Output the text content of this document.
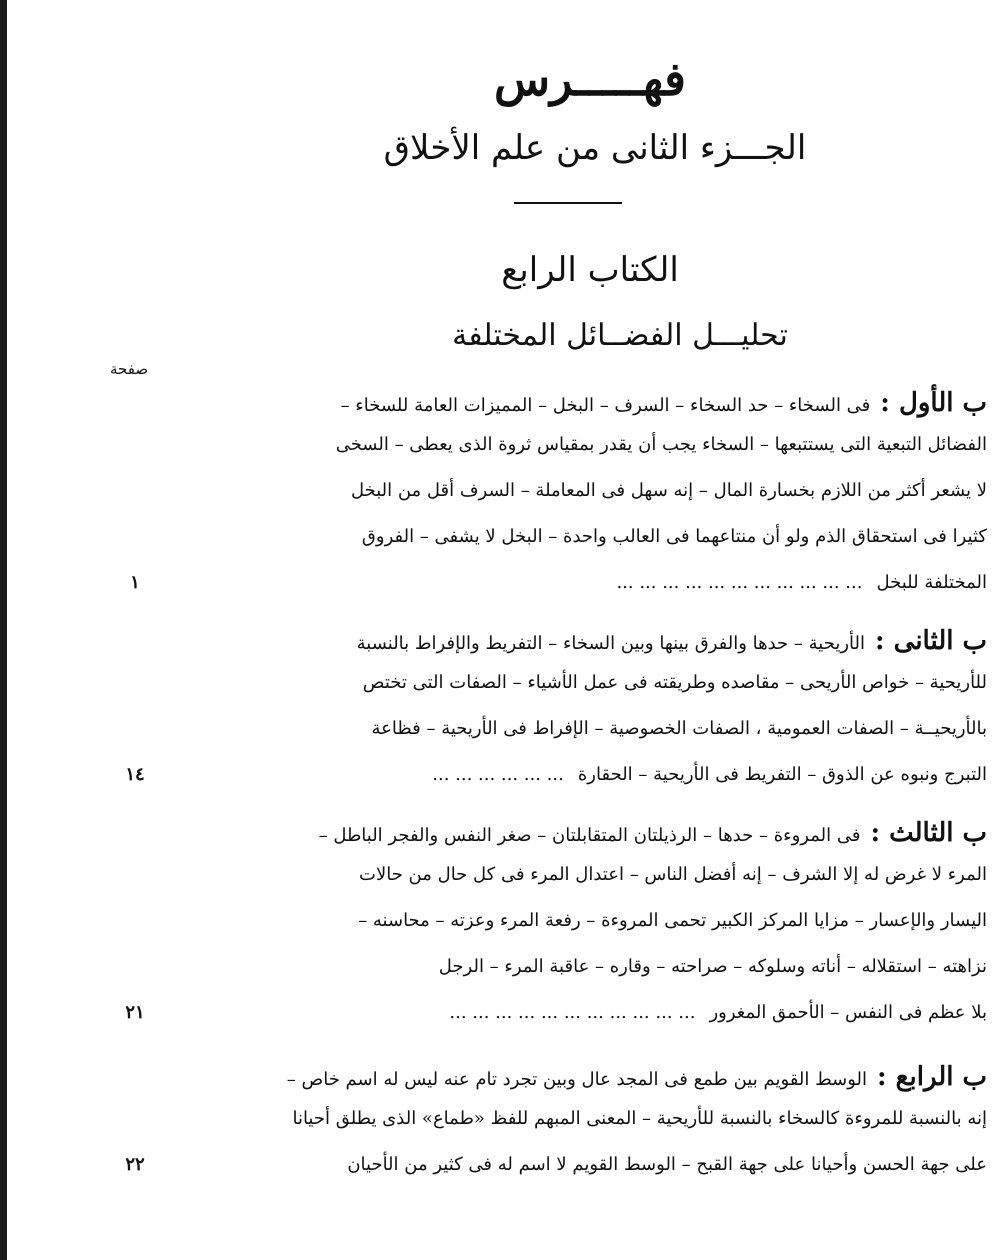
فهـــــرس
الجـــزء الثانى من علم الأخلاق
الكتاب الرابع
تحليـــل الفضــائل المختلفة
صفحة
ب الأول :فى السخاء – حد السخاء – السرف – البخل – المميزات العامة للسخاء –
الفضائل التبعية التى يستتبعها – السخاء يجب أن يقدر بمقياس ثروة الذى يعطى – السخى
لا يشعر أكثر من اللازم بخسارة المال – إنه سهل فى المعاملة – السرف أقل من البخل
كثيرا فى استحقاق الذم ولو أن منتاعهما فى العالب واحدة – البخل لا يشفى – الفروق
المختلفة للبخل... ... ... ... ... ... ... ... ... ... ...
١
ب الثانى :الأريحية – حدها والفرق بينها وبين السخاء – التفريط والإفراط بالنسبة
للأريحية – خواص الأريحى – مقاصده وطريقته فى عمل الأشياء – الصفات التى تختص
بالأريحيــة – الصفات العمومية ، الصفات الخصوصية – الإفراط فى الأريحية – فظاعة
التبرج ونبوه عن الذوق – التفريط فى الأريحية – الحقارة... ... ... ... ... ...
١٤
ب الثالث :فى المروءة – حدها – الرذيلتان المتقابلتان – صغر النفس والفجر الباطل –
المرء لا غرض له إلا الشرف – إنه أفضل الناس – اعتدال المرء فى كل حال من حالات
اليسار والإعسار – مزايا المركز الكبير تحمى المروءة – رفعة المرء وعزته – محاسنه –
نزاهته – استقلاله – أناته وسلوكه – صراحته – وقاره – عاقبة المرء – الرجل
بلا عظم فى النفس – الأحمق المغرور... ... ... ... ... ... ... ... ... ... ...
٢١
ب الرابع :الوسط القويم بين طمع فى المجد عال وبين تجرد تام عنه ليس له اسم خاص –
إنه بالنسبة للمروءة كالسخاء بالنسبة للأريحية – المعنى المبهم للفظ «طماع» الذى يطلق أحيانا
على جهة الحسن وأحيانا على جهة القبح – الوسط القويم لا اسم له فى كثير من الأحيان
٢٢
